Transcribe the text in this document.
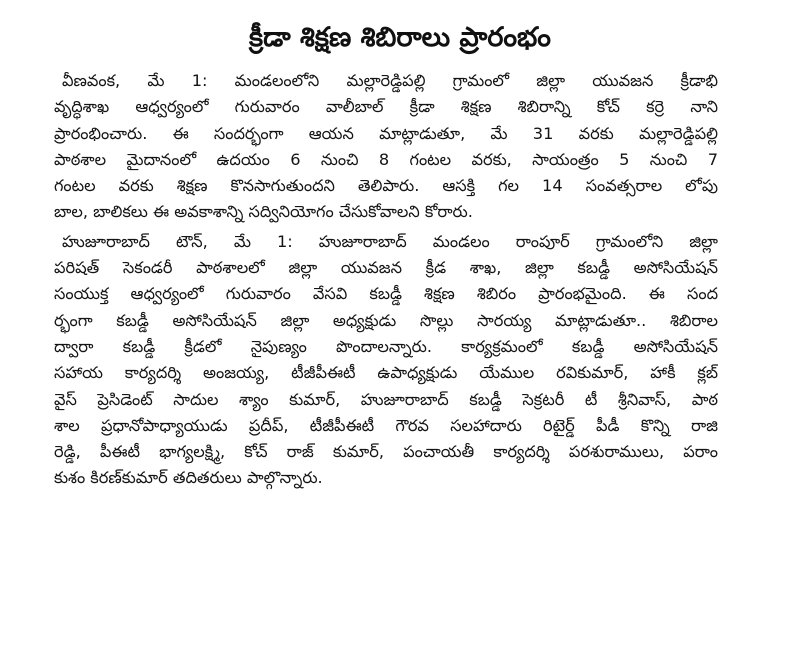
క్రీడా శిక్షణ శిబిరాలు ప్రారంభం
వీణవంక, మే 1: మండలంలోని మల్లారెడ్డిపల్లి గ్రామంలో జిల్లా యువజన క్రీడాభి
వృద్ధిశాఖ ఆధ్వర్యంలో గురువారం వాలీబాల్ క్రీడా శిక్షణ శిబిరాన్ని కోచ్ కర్రె నాని
ప్రారంభించారు. ఈ సందర్భంగా ఆయన మాట్లాడుతూ, మే 31 వరకు మల్లారెడ్డిపల్లి
పాఠశాల మైదానంలో ఉదయం 6 నుంచి 8 గంటల వరకు, సాయంత్రం 5 నుంచి 7
గంటల వరకు శిక్షణ కొనసాగుతుందని తెలిపారు. ఆసక్తి గల 14 సంవత్సరాల లోపు
బాల, బాలికలు ఈ అవకాశాన్ని సద్వినియోగం చేసుకోవాలని కోరారు.
హుజూరాబాద్ టౌన్, మే 1: హుజూరాబాద్ మండలం రాంపూర్ గ్రామంలోని జిల్లా
పరిషత్ సెకండరీ పాఠశాలలో జిల్లా యువజన క్రీడ శాఖ, జిల్లా కబడ్డీ అసోసియేషన్
సంయుక్త ఆధ్వర్యంలో గురువారం వేసవి కబడ్డీ శిక్షణ శిబిరం ప్రారంభమైంది. ఈ సంద
ర్భంగా కబడ్డీ అసోసియేషన్ జిల్లా అధ్యక్షుడు సొల్లు సారయ్య మాట్లాడుతూ.. శిబిరాల
ద్వారా కబడ్డీ క్రీడలో నైపుణ్యం పొందాలన్నారు. కార్యక్రమంలో కబడ్డీ అసోసియేషన్
సహాయ కార్యదర్శి అంజయ్య, టీజీపీఈటీ ఉపాధ్యక్షుడు యేముల రవికుమార్, హాకీ క్లబ్
వైస్ ప్రెసిడెంట్ సాదుల శ్యాం కుమార్, హుజూరాబాద్ కబడ్డీ సెక్రటరీ టీ శ్రీనివాస్, పాఠ
శాల ప్రధానోపాధ్యాయుడు ప్రదీప్, టీజీపీఈటీ గౌరవ సలహాదారు రిటైర్డ్ పీడీ కొన్ని రాజి
రెడ్డి, పీఈటీ భాగ్యలక్ష్మి, కోచ్ రాజ్ కుమార్, పంచాయతీ కార్యదర్శి పరశురాములు, పరాం
కుశం కిరణ్‌కుమార్ తదితరులు పాల్గొన్నారు.
